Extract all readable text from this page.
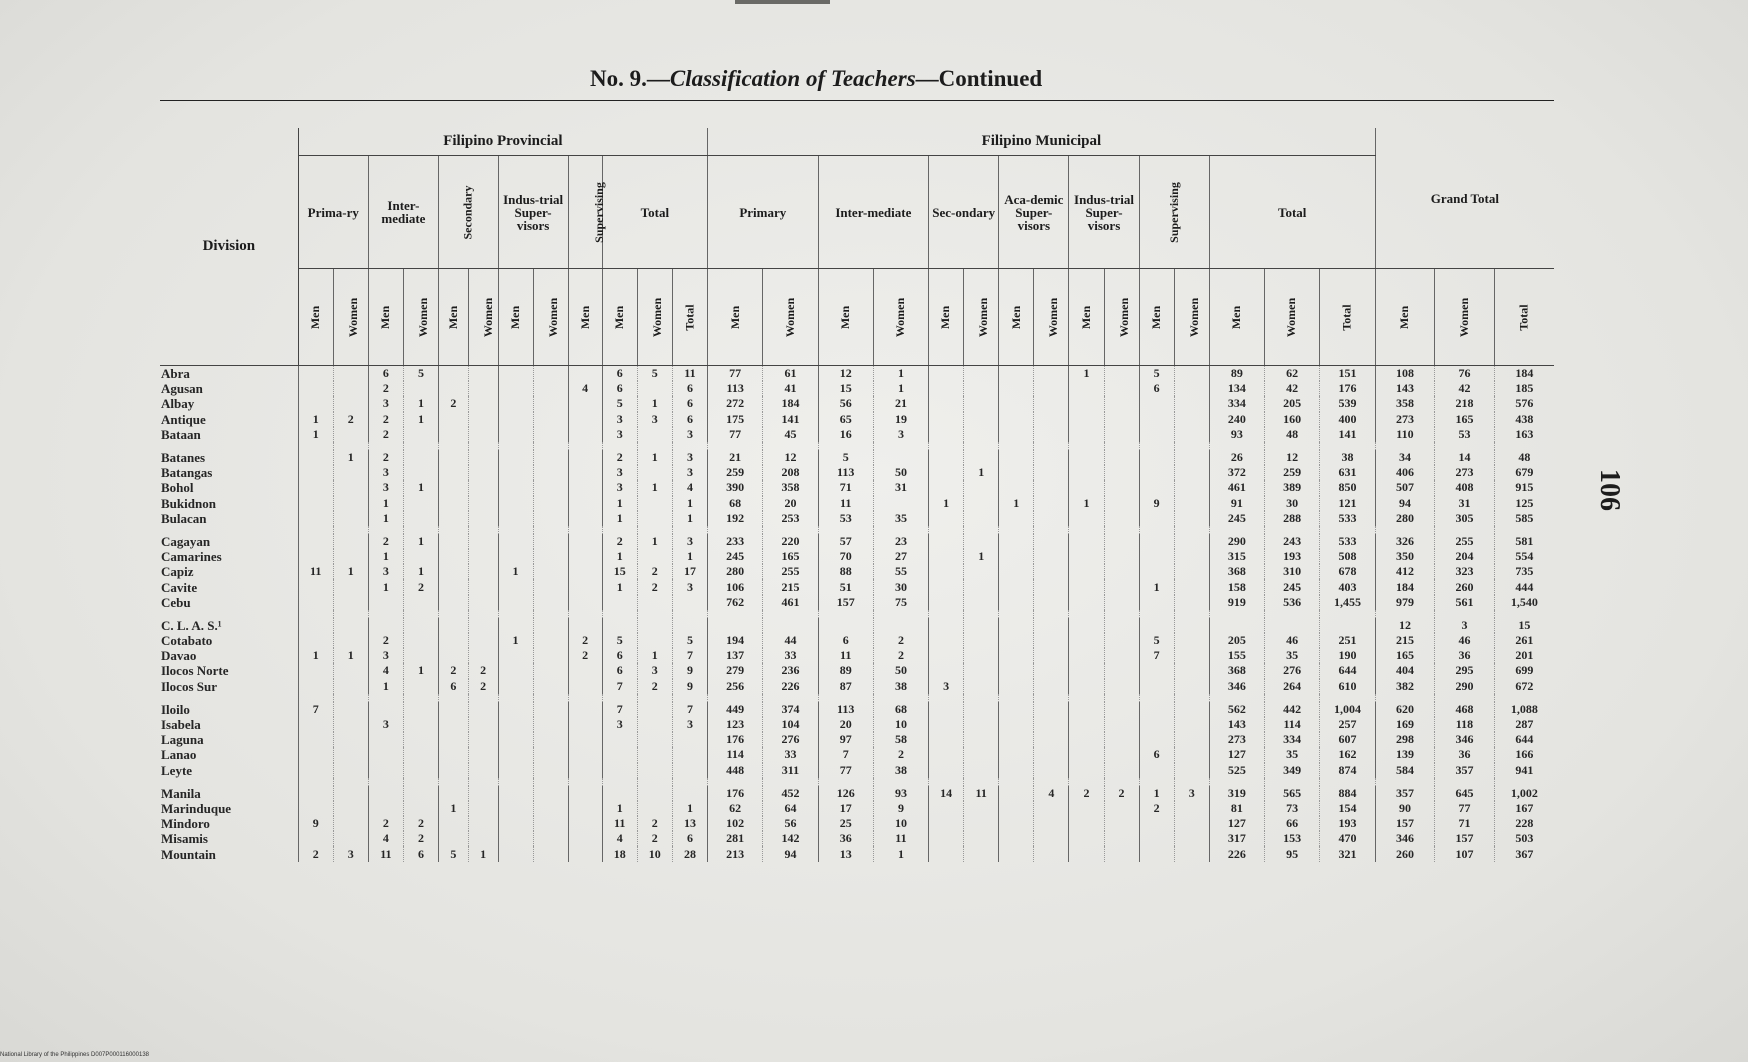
No. 9.—Classification of Teachers—Continued
106
Division	Filipino Provincial												Filipino Municipal															Grand Total		
	Prima-ry		Inter-mediate		Secondary		Indus-trial Super-visors		Supervising	Total			Primary		Inter-mediate		Sec-ondary		Aca-demic Super-visors		Indus-trial Super-visors		Supervising		Total					
	Men	Women	Men	Women	Men	Women	Men	Women	Men	Men	Women	Total	Men	Women	Men	Women	Men	Women	Men	Women	Men	Women	Men	Women	Men	Women	Total	Men	Women	Total
Abra			6	5						6	5	11	77	61	12	1					1		5		89	62	151	108	76	184
Agusan			2						4	6		6	113	41	15	1							6		134	42	176	143	42	185
Albay			3	1	2					5	1	6	272	184	56	21									334	205	539	358	218	576
Antique	1	2	2	1						3	3	6	175	141	65	19									240	160	400	273	165	438
Bataan	1		2							3		3	77	45	16	3									93	48	141	110	53	163

Batanes		1	2							2	1	3	21	12	5										26	12	38	34	14	48
Batangas			3							3		3	259	208	113	50		1							372	259	631	406	273	679
Bohol			3	1						3	1	4	390	358	71	31									461	389	850	507	408	915
Bukidnon			1							1		1	68	20	11		1		1		1		9		91	30	121	94	31	125
Bulacan			1							1		1	192	253	53	35									245	288	533	280	305	585

Cagayan			2	1						2	1	3	233	220	57	23									290	243	533	326	255	581
Camarines			1							1		1	245	165	70	27		1							315	193	508	350	204	554
Capiz	11	1	3	1			1			15	2	17	280	255	88	55									368	310	678	412	323	735
Cavite			1	2						1	2	3	106	215	51	30							1		158	245	403	184	260	444
Cebu													762	461	157	75									919	536	1,455	979	561	1,540

C. L. A. S.¹																												12	3	15
Cotabato			2				1		2	5		5	194	44	6	2							5		205	46	251	215	46	261
Davao	1	1	3						2	6	1	7	137	33	11	2							7		155	35	190	165	36	201
Ilocos Norte			4	1	2	2				6	3	9	279	236	89	50									368	276	644	404	295	699
Ilocos Sur			1		6	2				7	2	9	256	226	87	38	3								346	264	610	382	290	672

Iloilo	7									7		7	449	374	113	68									562	442	1,004	620	468	1,088
Isabela			3							3		3	123	104	20	10									143	114	257	169	118	287
Laguna													176	276	97	58									273	334	607	298	346	644
Lanao													114	33	7	2							6		127	35	162	139	36	166
Leyte													448	311	77	38									525	349	874	584	357	941

Manila													176	452	126	93	14	11		4	2	2	1	3	319	565	884	357	645	1,002
Marinduque					1					1		1	62	64	17	9							2		81	73	154	90	77	167
Mindoro	9		2	2						11	2	13	102	56	25	10									127	66	193	157	71	228
Misamis			4	2						4	2	6	281	142	36	11									317	153	470	346	157	503
Mountain	2	3	11	6	5	1				18	10	28	213	94	13	1									226	95	321	260	107	367
National Library of the Philippines D007P000116000138
